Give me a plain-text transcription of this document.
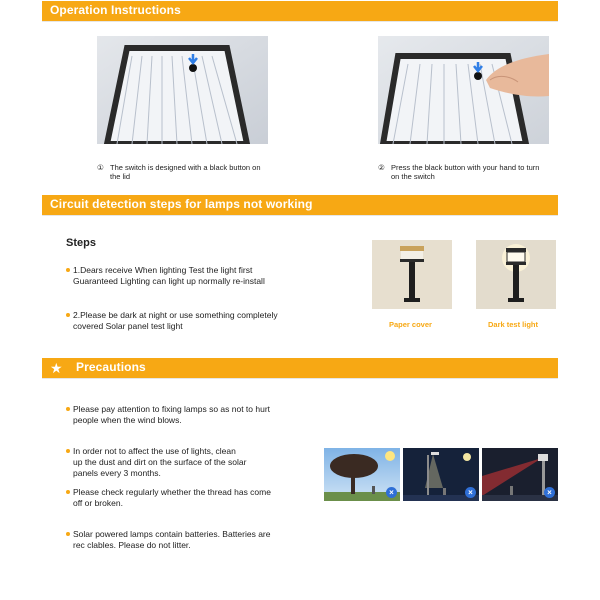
Operation Instructions
① The switch is designed with a black button on
the lid
② Press the black button with your hand to turn
on the switch
Circuit detection steps for lamps not working
Steps
1.Dears receive When lighting Test the light first
Guaranteed Lighting can light up normally re-install
2.Please be dark at night or use something completely
covered Solar panel test light	Paper cover	Dark test light
★ Precautions
Please pay attention to fixing lamps so as not to hurt
people when the wind blows.
In order not to affect the use of lights, clean
up the dust and dirt on the surface of the solar
panels every 3 months.
Please check regularly whether the thread has come
off or broken.
Solar powered lamps contain batteries. Batteries are
rec clables. Please do not litter.
×	×	×
